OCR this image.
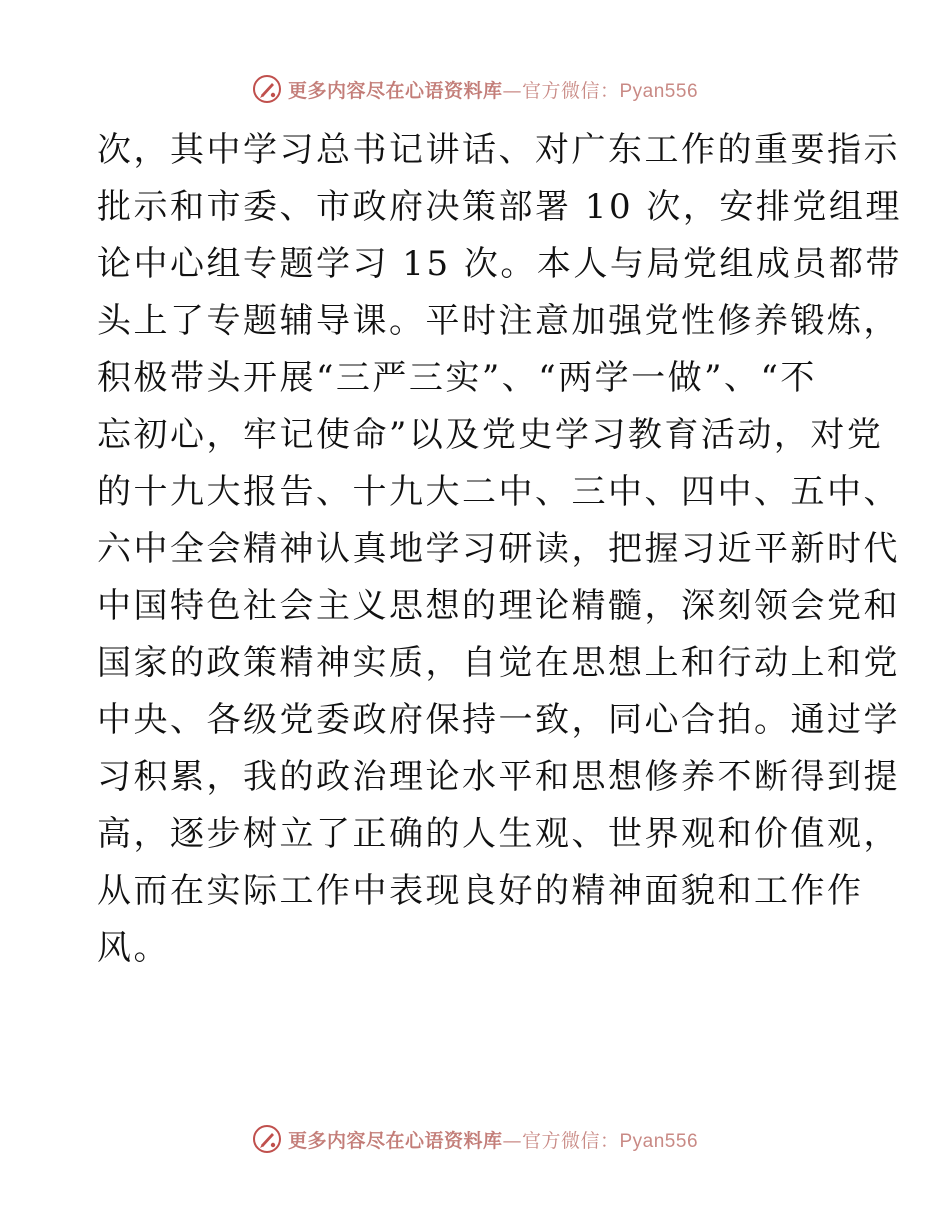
更多内容尽在心语资料库—官方微信：Pyan556
次，其中学习总书记讲话、对广东工作的重要指示
批示和市委、市政府决策部署 10 次，安排党组理
论中心组专题学习 15 次。本人与局党组成员都带
头上了专题辅导课。平时注意加强党性修养锻炼，
积极带头开展“三严三实”、“两学一做”、“不
忘初心，牢记使命”以及党史学习教育活动，对党
的十九大报告、十九大二中、三中、四中、五中、
六中全会精神认真地学习研读，把握习近平新时代
中国特色社会主义思想的理论精髓，深刻领会党和
国家的政策精神实质，自觉在思想上和行动上和党
中央、各级党委政府保持一致，同心合拍。通过学
习积累，我的政治理论水平和思想修养不断得到提
高，逐步树立了正确的人生观、世界观和价值观，
从而在实际工作中表现良好的精神面貌和工作作
风。
更多内容尽在心语资料库—官方微信：Pyan556
